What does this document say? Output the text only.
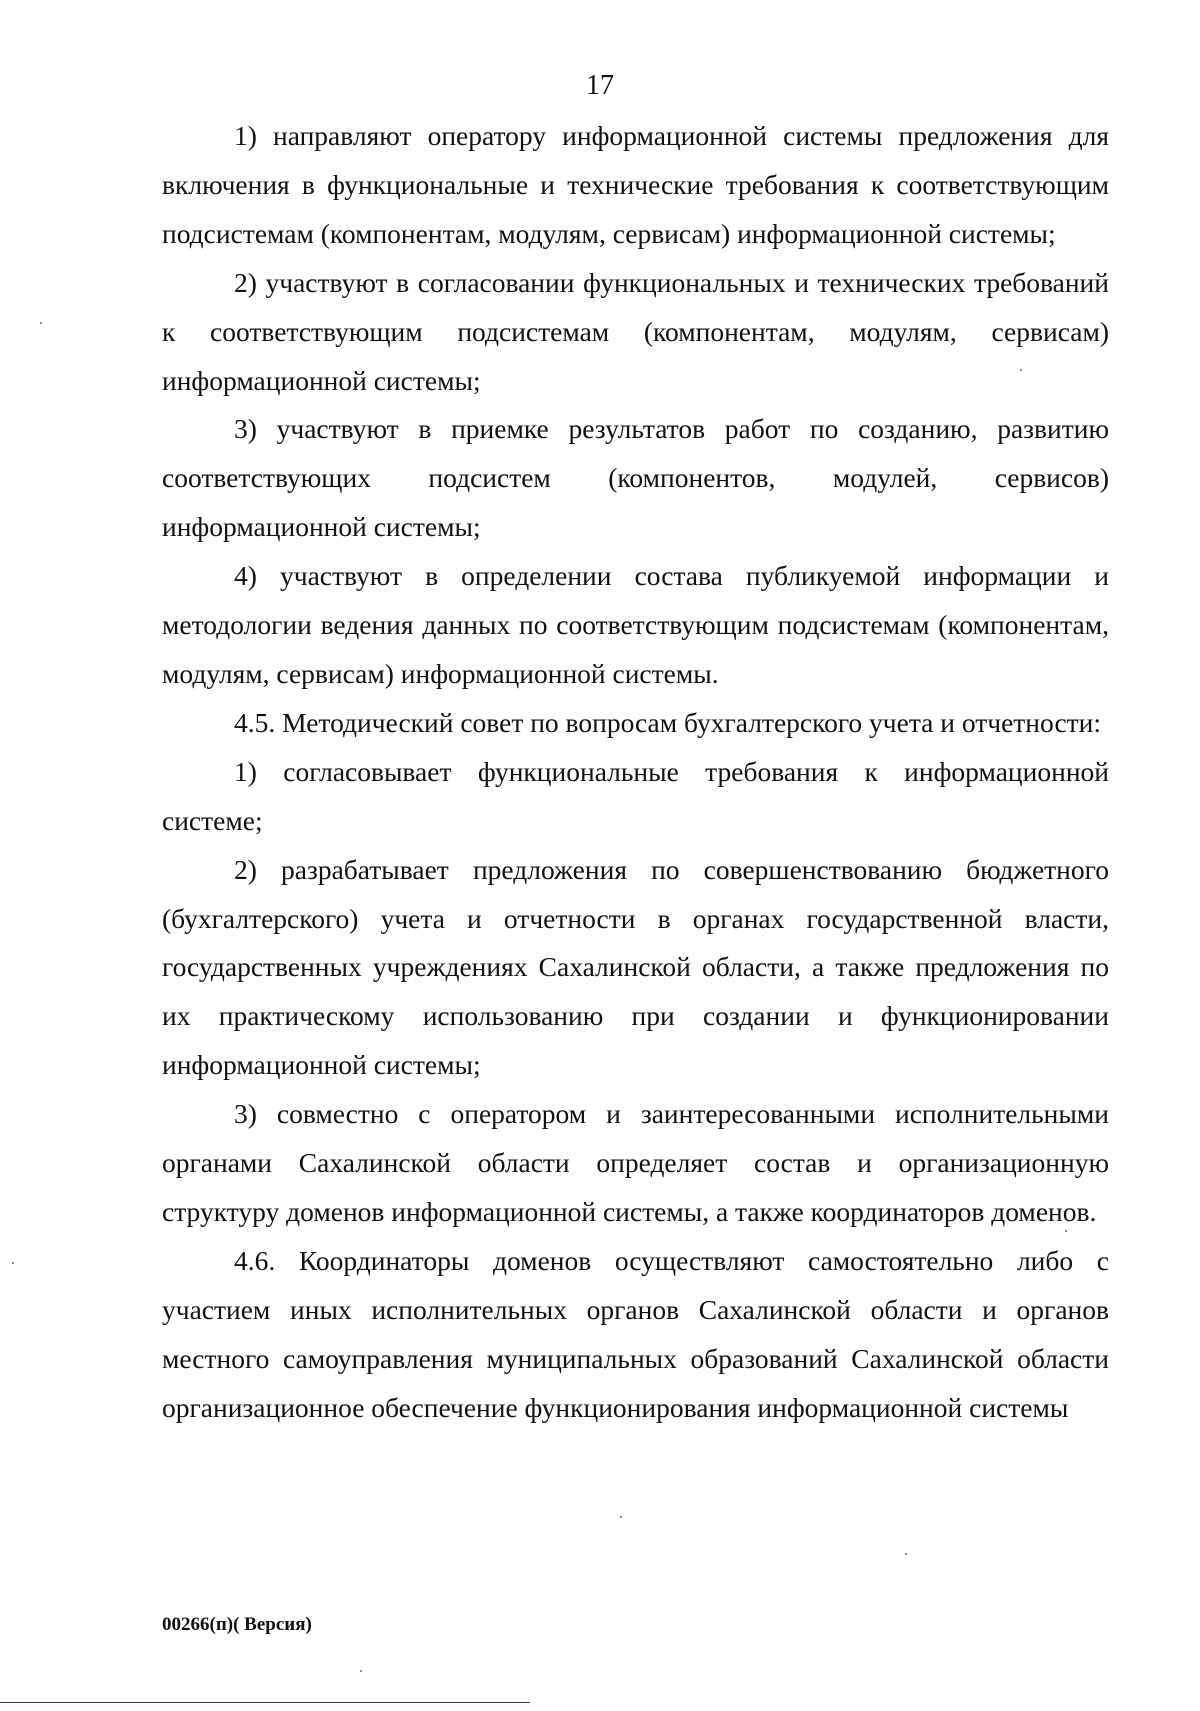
17

1) направляют оператору информационной системы предложения для включения в функциональные и технические требования к соответствующим подсистемам (компонентам, модулям, сервисам) информационной системы;

2) участвуют в согласовании функциональных и технических требований к соответствующим подсистемам (компонентам, модулям, сервисам) информационной системы;

3) участвуют в приемке результатов работ по созданию, развитию соответствующих подсистем (компонентов, модулей, сервисов) информационной системы;

4) участвуют в определении состава публикуемой информации и методологии ведения данных по соответствующим подсистемам (компонентам, модулям, сервисам) информационной системы.

4.5. Методический совет по вопросам бухгалтерского учета и отчетности:

1) согласовывает функциональные требования к информационной системе;

2) разрабатывает предложения по совершенствованию бюджетного (бухгалтерского) учета и отчетности в органах государственной власти, государственных учреждениях Сахалинской области, а также предложения по их практическому использованию при создании и функционировании информационной системы;

3) совместно с оператором и заинтересованными исполнительными органами Сахалинской области определяет состав и организационную структуру доменов информационной системы, а также координаторов доменов.

4.6. Координаторы доменов осуществляют самостоятельно либо с участием иных исполнительных органов Сахалинской области и органов местного самоуправления муниципальных образований Сахалинской области организационное обеспечение функционирования информационной системы

00266(п)( Версия)
